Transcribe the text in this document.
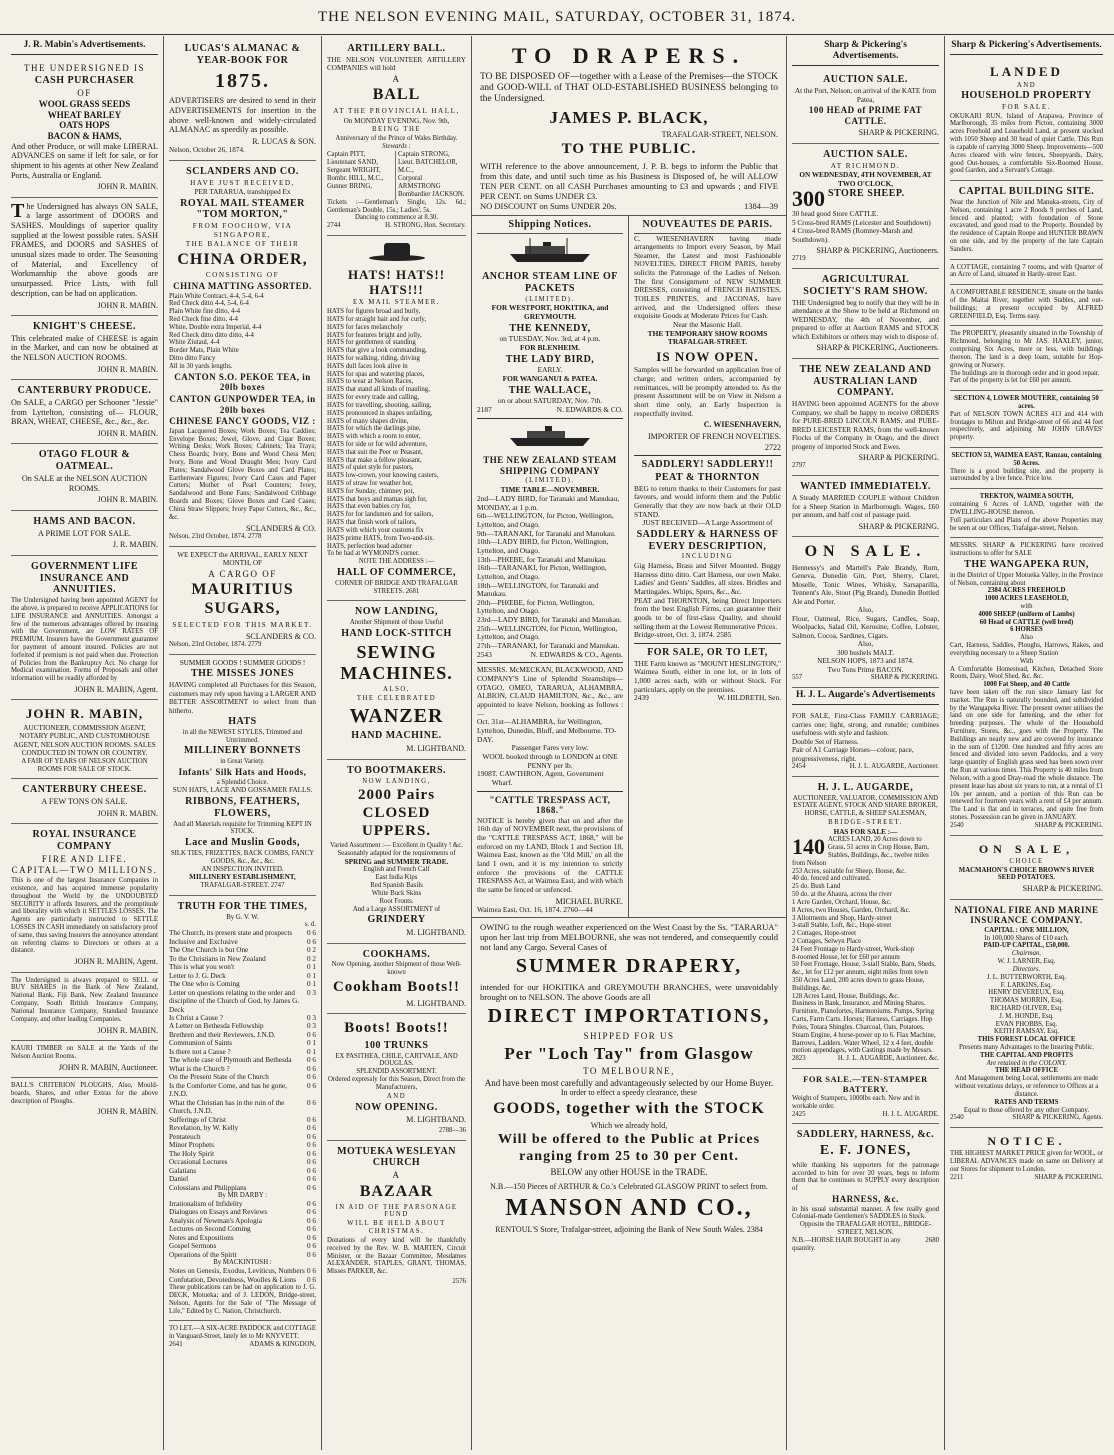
THE NELSON EVENING MAIL, SATURDAY, OCTOBER 31, 1874.
J. R. Mabin's Advertisements.
THE UNDERSIGNED IS
CASH PURCHASER
OF
WOOL GRASS SEEDS
WHEAT BARLEY
OATS HOPS
BACON & HAMS,
And other Produce, or will make LIBERAL ADVANCES on same if left for sale, or for shipment to his agents at other New Zealand Ports, Australia or England.
JOHN R. MABIN.
The Undersigned has always ON SALE, a large assortment of DOORS and SASHES. Mouldings of superior quality supplied at the lowest possible rates. SASH FRAMES, and DOORS and SASHES of unusual sizes made to order. The Seasoning of Material, and Excellency of Workmanship the above goods are unsurpassed. Price Lists, with full description, can be had on application.
JOHN R. MABIN.
KNIGHT'S CHEESE.
This celebrated make of CHEESE is again in the Market, and can now be obtained at the NELSON AUCTION ROOMS.
JOHN R. MABIN.
CANTERBURY PRODUCE.
On SALE, a CARGO per Schooner "Jessie" from Lyttelton, consisting of— FLOUR, BRAN, WHEAT, CHEESE, &c., &c., &c.
JOHN R. MABIN.
OTAGO FLOUR & OATMEAL.
On SALE at the NELSON AUCTION ROOMS.
JOHN R. MABIN.
HAMS AND BACON.
A PRIME LOT FOR SALE.
J. R. MABIN.
GOVERNMENT LIFE INSURANCE AND ANNUITIES.
The Undersigned having been appointed AGENT for the above, is prepared to receive APPLICATIONS for LIFE INSURANCE and ANNUITIES. Amongst a few of the numerous advantages offered by insuring with the Government, are LOW RATES OF PREMIUM. Insurers have the Government guarantee for payment of amount insured. Policies are not forfeited if premium is not paid when due. Protection of Policies from the Bankruptcy Act. No charge for Medical examination. Forms of Proposals and other information will be readily afforded by
JOHN R. MABIN, Agent.
JOHN R. MABIN,
AUCTIONEER, COMMISSION AGENT, NOTARY PUBLIC, AND CUSTOMHOUSE AGENT, NELSON AUCTION ROOMS. SALES CONDUCTED IN TOWN OR COUNTRY.
A FAIR OF YEARS OF NELSON AUCTION ROOMS FOR SALE OF STOCK.
CANTERBURY CHEESE.
A FEW TONS ON SALE.
JOHN R. MABIN.
ROYAL INSURANCE COMPANY
FIRE AND LIFE.
CAPITAL—TWO MILLIONS.
This is one of the largest Insurance Companies in existence, and has acquired immense popularity throughout the World by the UNDOUBTED SECURITY it affords Insurers, and the promptitude and liberality with which it SETTLES LOSSES. The Agents are particularly instructed to SETTLE LOSSES IN CASH immediately on satisfactory proof of same, thus saving Insurers the annoyance attendant on referring claims to Directors or others at a distance.
JOHN R. MABIN, Agent.
The Undersigned is always prepared to SELL or BUY SHARES in the Bank of New Zealand, National Bank, Fiji Bank, New Zealand Insurance Company, South British Insurance Company, National Insurance Company, Standard Insurance Company, and other leading Companies.
JOHN R. MABIN.
KAURI TIMBER on SALE at the Yards of the Nelson Auction Rooms.
JOHN R. MABIN, Auctioneer.
BALL'S CRITERION PLOUGHS, Also, Mould-boards, Shares, and other Extras for the above description of Ploughs.
JOHN R. MABIN.
LUCAS'S ALMANAC & YEAR-BOOK FOR
1875.
ADVERTISERS are desired to send in their ADVERTISEMENTS for insertion in the above well-known and widely-circulated ALMANAC as speedily as possible.
R. LUCAS & SON.
Nelson, October 26, 1874.
SCLANDERS AND CO.
HAVE JUST RECEIVED,
PER TARARUA, transhipped Ex
ROYAL MAIL STEAMER "TOM MORTON,"
FROM FOOCHOW, VIA SINGAPORE,
THE BALANCE OF THEIR
CHINA ORDER,
CONSISTING OF
CHINA MATTING ASSORTED.
Plain White Contract, 4-4, 5-4, 6-4
Red Check ditto 4-4, 5-4, 6-4
Plain White fine ditto, 4-4
Red Check fine ditto, 4-4
White, Double extra Imperial, 4-4
Red Check ditto ditto ditto, 4-4
White Ziutaul, 4-4
Border Mats, Plain White
Ditto ditto Fancy
All in 30 yards lengths.
CANTON S.O. PEKOE TEA, in 20lb boxes
CANTON GUNPOWDER TEA, in 20lb boxes
CHINESE FANCY GOODS, VIZ :
Japan Lacquered Boxes; Work Boxes; Tea Caddies; Envelope Boxes; Jewel, Glove, and Cigar Boxes; Writing Desks; Work Boxes; Cabinets; Tea Trays; Chess Boards; Ivory, Bone and Wood Chess Men; Ivory, Bone and Wood Draught Men; Ivory Card Plates; Sandalwood Glove Boxes and Card Plates; Earthenware Figures; Ivory Card Cases and Paper Cutters; Mother of Pearl Counters; Ivory, Sandalwood and Bone Fans; Sandalwood Cribbage Boards and Boxes; Glove Boxes and Card Cases; China Straw Slippers; Ivory Paper Cutters, &c., &c., &c.
SCLANDERS & CO.
Nelson, 23rd October, 1874. 2778
WE EXPECT the ARRIVAL, EARLY NEXT MONTH, OF
A CARGO OF
MAURITIUS SUGARS,
SELECTED FOR THIS MARKET.
SCLANDERS & CO.
Nelson, 23rd October, 1874. 2779
SUMMER GOODS ! SUMMER GOODS !
THE MISSES JONES
HAVING completed all Purchases for this Season, customers may rely upon having a LARGER AND BETTER ASSORTMENT to select from than hitherto.
HATS
in all the NEWEST STYLES, Trimmed and Untrimmed.
MILLINERY BONNETS
in Great Variety.
Infants' Silk Hats and Hoods,
a Splendid Choice.
SUN HATS, LACE AND GOSSAMER FALLS.
RIBBONS, FEATHERS, FLOWERS,
And all Materials requisite for Trimming KEPT IN STOCK.
Lace and Muslin Goods,
SILK TIES, FRIZETTES, BACK COMBS, FANCY GOODS, &c., &c., &c.
AN INSPECTION INVITED.
MILLINERY ESTABLISHMENT,
TRAFALGAR-STREET. 2747
TRUTH FOR THE TIMES,
By G. V. W.
s. d.
The Church, its present state and prospects 0 6
Inclusive and Exclusive	0 6
The One Church is but One	0 2
To the Christians in New Zealand	0 2
This is what you won't	0 1
Letter to J. G. Deck	0 1
The One who is Coming	0 1
Letter on questions relating to the order and discipline of the Church of God, by James G. Deck
0 3
Is Christ a Cause ?	0 3
A Letter on Bethesda Fellowship	0 3
Brethren and their Reviewers, J.N.D.	0 6
Communion of Saints	0 1
Is there not a Cause ?	0 1
The whole case of Plymouth and Bethesda 0 6
What is the Church ?	0 6
On the Present State of the Church	0 6
Is the Comforter Come, and has he gone, J.N.D.
0 6
What the Christian has in the ruin of the Church, J.N.D.
0 6
Sufferings of Christ	0 6
Revelation, by W. Kelly	0 6
Pentateuch	0 6
Minor Prophets	0 6
The Holy Spirit	0 6
Occasional Lectures	0 6
Galatians	0 6
Daniel	0 6
Colossians and Philippians	0 6
By MR DARBY :
Irrationalism of Infidelity	0 6
Dialogues on Essays and Reviews	0 6
Analysis of Newman's Apologia	0 6
Lectures on Second Coming	0 6
Notes and Expositions	0 6
Gospel Sermons	0 6
Operations of the Spirit	0 6
By MACKINTOSH :
Notes on Genesis, Exodus, Leviticus, Numbers 0 6
Confutation, Devotedness, Woolles & Lions 0 6
These publications can be had on application to J. G. DECK, Motueka; and of J. LEDON, Bridge-street, Nelson, Agents for the Sale of "The Message of Life," Edited by C. Nation, Christchurch.
TO LET.—A SIX-ACRE PADDOCK and COTTAGE in Vanguard-Street, lately let to Mr KNYVETT.
2641	ADAMS & KINGDON,
ARTILLERY BALL.
THE NELSON VOLUNTEER ARTILLERY COMPANIES will hold
A
BALL
AT THE PROVINCIAL HALL,
On MONDAY EVENING, Nov. 9th,
BEING THE
Anniversary of the Prince of Wales Birthday.
Stewards :
Captain PITT,
Lieutenant SAND,
Sergeant WRIGHT,
Bombr. HILL, M.C.,
Gunner BRING,
Captain STRONG,
Lieut. BATCHELOR, M.C.,
Corporal ARMSTRONG
Bombardier JACKSON.
Tickets :—Gentleman's Single, 12s. 6d.; Gentleman's Double, 15s.; Ladies', 5s.
Dancing to commence at 8.30.
2744	H. STRONG, Hon. Secretary.
HATS! HATS!! HATS!!!
EX MAIL STEAMER.
HATS for figures broad and burly,
HATS for straight hair and for curly,
HATS for faces melancholy
HATS for features bright and jolly,
HATS for gentlemen of standing
HATS that give a look commanding,
HATS for walking, riding, driving
HATS dull faces look alive in
HATS for spas and watering places,
HATS to wear at Nelson Races,
HATS that stand all kinds of mauling,
HATS for every trade and calling,
HATS for travelling, shooting, sailing,
HATS pronounced in shapes unfailing,
HATS of many shapes divine,
HATS for which the darlings pine,
HATS with which a room to enter,
HATS for side or for wild adventure,
HATS that suit the Peer or Peasant,
HATS that make a fellow pleasant,
HATS of quiet style for pastors,
HATS low-crown, your knowing casters,
HATS of straw for weather hot,
HATS for Sunday, chimney pot,
HATS that boys and mamas sigh for,
HATS that even babies cry for,
HATS for for landsmen and for sailors,
HATS that finish work of tailors,
HATS with which your customs fix
HATS prime HATS, from Two-and-six.
HATS, perfection head adorner
To be had at WYMOND'S corner.
NOTE THE ADDRESS :—
HALL OF COMMERCE,
CORNER OF BRIDGE AND TRAFALGAR STREETS. 2681
NOW LANDING,
Another Shipment of those Useful
HAND LOCK-STITCH
SEWING MACHINES.
ALSO,
THE CELEBRATED
WANZER
HAND MACHINE.
M. LIGHTBAND.
TO BOOTMAKERS.
NOW LANDING,
2000 Pairs CLOSED UPPERS.
Varied Assortment :— Excellent in Quality ! &c.
Seasonably adapted for the requirements of
SPRING and SUMMER TRADE.
English and French Calf
East India Kips
Red Spanish Basils
White Buck Skins
Root Fronts.
And a Large ASSORTMENT of
GRINDERY
M. LIGHTBAND.
COOKHAMS.
Now Opening, another Shipment of those Well-known
Cookham Boots!!
M. LIGHTBAND.
Boots! Boots!!
100 TRUNKS
EX PASITHEA, CHILE, CARTVALE, AND DOUGLAS.
SPLENDID ASSORTMENT.
Ordered expressly for this Season, Direct from the Manufacturers,
AND
NOW OPENING.
M. LIGHTBAND.
2788—36
MOTUEKA WESLEYAN CHURCH
A
BAZAAR
IN AID OF THE PARSONAGE FUND
WILL BE HELD ABOUT CHRISTMAS.
Donations of every kind will be thankfully received by the Rev. W. B. MARTEN, Circuit Minister, or the Bazaar Committee, Mesdames ALEXANDER, STAPLES, GRANT, THOMAS, Misses PARKER, &c.
2576
TO DRAPERS.
TO BE DISPOSED OF—together with a Lease of the Premises—the STOCK and GOOD-WILL of THAT OLD-ESTABLISHED BUSINESS belonging to the Undersigned.
JAMES P. BLACK,
TRAFALGAR-STREET, NELSON.
TO THE PUBLIC.
WITH reference to the above announcement, J. P. B. begs to inform the Public that from this date, and until such time as his Business is Disposed of, he will ALLOW TEN PER CENT. on all CASH Purchases amounting to £3 and upwards ; and FIVE PER CENT. on Sums UNDER £3.
NO DISCOUNT on Sums UNDER 20s.	1384—39
Shipping Notices.
ANCHOR STEAM LINE OF PACKETS
(LIMITED).
FOR WESTPORT, HOKITIKA, and GREYMOUTH.
THE KENNEDY,
on TUESDAY, Nov. 3rd, at 4 p.m.
FOR BLENHEIM.
THE LADY BIRD,
EARLY.
FOR WANGANUI & PATEA.
THE WALLACE,
on or about SATURDAY, Nov. 7th.
2187	N. EDWARDS & CO.
THE NEW ZEALAND STEAM SHIPPING COMPANY
(LIMITED).
TIME TABLE—NOVEMBER.
2nd—LADY BIRD, for Taranaki and Manukau, MONDAY, at 1 p.m.
6th—WELLINGTON, for Picton, Wellington, Lyttelton, and Otago.
9th—TARANAKI, for Taranaki and Manukau.
10th—LADY BIRD, for Picton, Wellington, Lyttelton, and Otago.
13th—PHŒBE, for Taranaki and Manukau.
16th—TARANAKI, for Picton, Wellington, Lyttelton, and Otago.
18th—WELLINGTON, for Taranaki and Manukau.
20th—PHŒBE, for Picton, Wellington, Lyttelton, and Otago.
23rd—LADY BIRD, for Taranaki and Manukau.
25th—WELLINGTON, for Picton, Wellington, Lyttelton, and Otago.
27th—TARANAKI, for Taranaki and Manukau.
2543	N. EDWARDS & CO., Agents.
MESSRS. McMECKAN, BLACKWOOD, AND COMPANY'S Line of Splendid Steamships—OTAGO, OMEO, TARARUA, ALHAMBRA, ALBION, CLAUD HAMILTON, &c., &c., are appointed to leave Nelson, booking as follows :—
Oct. 31st—ALHAMBRA, for Wellington, Lyttelton, Dunedin, Bluff, and Melbourne. TO-DAY.
Passenger Fares very low.
WOOL booked through to LONDON at ONE PENNY per lb.
1908 T. CAWTHRON, Agent, Government Wharf.
"CATTLE TRESPASS ACT, 1868."
NOTICE is hereby given that on and after the 16th day of NOVEMBER next, the provisions of the "CATTLE TRESPASS ACT, 1868," will be enforced on my LAND, Block 1 and Section 18, Waimea East, known as the 'Old Mill,' on all the land I own, and it is my intention to strictly enforce the provisions of the CATTLE TRESPASS Act, at Waimea East, and with which the same be fenced or unfenced.
MICHAEL BURKE.
Waimea East, Oct. 16, 1874. 2760—44
NOUVEAUTES DE PARIS.
C. WIESENHAVERN having made arrangements to Import every Season, by Mail Steamer, the Latest and most Fashionable NOVELTIES, DIRECT FROM PARIS, hereby solicits the Patronage of the Ladies of Nelson. The first Consignment of NEW SUMMER DRESSES, consisting of FRENCH BATISTES, TOILES PRINTES, and JACONAS, have arrived, and the Undersigned offers these exquisite Goods at Moderate Prices for Cash.
Near the Masonic Hall.
THE TEMPORARY SHOW ROOMS TRAFALGAR-STREET.
IS NOW OPEN.
Samples will be forwarded on application free of charge; and written orders, accompanied by remittances, will be promptly attended to. As the present Assortment will be on View in Nelson a short time only, an Early Inspection is respectfully invited.
C. WIESENHAVERN,
IMPORTER OF FRENCH NOVELTIES.
2722
SADDLERY! SADDLERY!!
PEAT & THORNTON
BEG to return thanks to their Customers for past favours, and would inform them and the Public Generally that they are now back at their OLD STAND.
JUST RECEIVED—A Large Assortment of
SADDLERY & HARNESS OF EVERY DESCRIPTION,
INCLUDING
Gig Harness, Brass and Silver Mounted. Buggy Harness ditto ditto. Cart Harness, our own Make. Ladies' and Gents' Saddles, all sizes. Bridles and Martingales. Whips, Spurs, &c., &c.
PEAT and THORNTON, being Direct Importers from the best English Firms, can guarantee their goods to be of first-class Quality, and should selling them at the Lowest Remunerative Prices.
Bridge-street, Oct. 3, 1874. 2585
FOR SALE, OR TO LET,
THE Farm known as "MOUNT HESLINGTON," Waimea South, either in one lot, or in lots of 1,000 acres each, with or without Stock. For particulars, apply on the premises.
2439	W. HILDRETH, Sen.
OWING to the rough weather experienced on the West Coast by the Ss. "TARARUA" upon her last trip from MELBOURNE, she was not tendered, and consequently could not land any Cargo. Several Cases of
SUMMER DRAPERY,
intended for our HOKITIKA and GREYMOUTH BRANCHES, were unavoidably brought on to NELSON. The above Goods are all
DIRECT IMPORTATIONS,
SHIPPED FOR US
Per "Loch Tay" from Glasgow
TO MELBOURNE,
And have been most carefully and advantageously selected by our Home Buyer.
In order to effect a speedy clearance, these
GOODS, together with the STOCK
Which we already hold,
Will be offered to the Public at Prices ranging from 25 to 30 per Cent.
BELOW any other HOUSE in the TRADE.
N.B.—150 Pieces of ARTHUR & Co.'s Celebrated GLASGOW PRINT to select from.
MANSON AND CO.,
RENTOUL'S Store, Trafalgar-street, adjoining the Bank of New South Wales. 2384
Sharp & Pickering's Advertisements.
AUCTION SALE.
At the Port, Nelson, on arrival of the KATE from Patea,
100 HEAD of PRIME FAT CATTLE.
SHARP & PICKERING.
AUCTION SALE.
AT RICHMOND.
ON WEDNESDAY, 4TH NOVEMBER, AT TWO O'CLOCK,
300 STORE SHEEP.
30 head good Store CATTLE.
5 Cross-bred RAMS (Leicester and Southdown)
4 Cross-bred RAMS (Romney-Marsh and Southdown).
SHARP & PICKERING, Auctioneers.
2719
AGRICULTURAL SOCIETY'S RAM SHOW.
THE Undersigned beg to notify that they will be in attendance at the Show to be held at Richmond on WEDNESDAY, the 4th of November, and prepared to offer at Auction RAMS and STOCK which Exhibitors or others may wish to dispose of.
SHARP & PICKERING, Auctioneers.
THE NEW ZEALAND AND AUSTRALIAN LAND COMPANY.
HAVING been appointed AGENTS for the above Company, we shall be happy to receive ORDERS for PURE-BRED LINCOLN RAMS, and PURE-BRED LEICESTER RAMS, from the well-known Flocks of the Company in Otago, and the direct progeny of imported Stock and Ewes.
SHARP & PICKERING.
2797
WANTED IMMEDIATELY.
A Steady MARRIED COUPLE without Children for a Sheep Station in Marlborough. Wages, £60 per annum, and half cost of passage paid.
SHARP & PICKERING.
ON SALE.
Hennessy's and Martell's Pale Brandy, Rum, Geneva, Dunedin Gin, Port, Sherry, Claret, Moselle, Tonic Wines, Whisky, Sarsaparilla, Tennent's Ale, Stout (Pig Brand), Dunedin Bottled Ale and Porter.
Also,
Flour, Oatmeal, Rice, Sugars, Candles, Soap, Woolpacks, Salad Oil, Kerosine, Coffee, Lobster, Salmon, Cocoa, Sardines, Cigars.
Also,
300 bushels MALT.
NELSON HOPS, 1873 and 1874.
Two Tons Prime BACON.
557	SHARP & PICKERING.
H. J. L. Augarde's Advertisements
FOR SALE, First-Class FAMILY CARRIAGE; carries one; light, strong, and runable; combines usefulness with style and fashion.
Double Set of Harness.
Pair of A1 Carriage Horses—colour, pace, progressiveness, right.
2454	H. J. L. AUGARDE, Auctioneer.
H. J. L. AUGARDE,
AUCTIONEER, VALUATOR, COMMISSION AND ESTATE AGENT, STOCK AND SHARE BROKER, HORSE, CATTLE, & SHEEP SALESMAN,
BRIDGE-STREET.
HAS FOR SALE :—
140 ACRES LAND, 20 Acres down to Grass, 51 acres in Crop House, Barn, Stables, Buildings, &c., twelve miles from Nelson
253 Acres, suitable for Sheep, House, &c.
40 do. fenced and cultivated.
25 do. Bush Land
50 do. at the Ahaura, across the river
1 Acre Garden, Orchard, House, &c.
8 Acres, two Houses, Garden, Orchard, &c.
3 Allotments and Shop, Hardy-street
3-stall Stable, Loft, &c., Hope-street
2 Cottages, Hope-street
2 Cottages, Selwyn Place
24 Feet Frontage to Hardy-street, Work-shop
8-roomed House, let for £60 per annum
50 Feet Frontage, House, 3-stall Stable, Barn, Sheds, &c., let for £12 per annum, eight miles from town
350 Acres Land, 200 acres down to grass House, Buildings, &c.
128 Acres Land, House, Buildings, &c.
Business in Bank, Insurance, and Mining Shares.
Furniture, Pianofortes, Harmoniums. Pumps, Spring Carts, Farm Carts. Horses; Harness, Carriages. Hop Poles, Totara Shingles. Charcoal, Oats, Potatoes. Steam Engine, 4 horse-power up to 6. Flax Machine, Barrows, Ladders. Water Wheel, 12 x 4 feet, double motion appendages, with Castings made by Messrs.
2823	H. J. L. AUGARDE, Auctioneer, &c.
FOR SALE.—TEN-STAMPER BATTERY.
Weight of Stampers, 1000lbs each. New and in workable order.
2425	H. J. L. AUGARDE.
SADDLERY, HARNESS, &c.
E. F. JONES,
while thanking his supporters for the patronage accorded to him for over 20 years, begs to inform them that he continues to SUPPLY every description of
HARNESS, &c.
in his usual substantial manner. A few really good Colonial-made Gentlemen's SADDLES in Stock.
Opposite the TRAFALGAR HOTEL, BRIDGE-STREET, NELSON.
N.B.—HORSE HAIR BOUGHT in any quantity.
2680
Sharp & Pickering's Advertisements.
LANDED
AND
HOUSEHOLD PROPERTY
FOR SALE.
OKUKARI RUN, Island of Arapawa, Province of Marlborough, 35 miles from Picton, containing 3000 acres Freehold and Leasehold Land, at present stocked with 1050 Sheep and 30 head of quiet Cattle. This Run is capable of carrying 3000 Sheep. Improvements—500 Acres cleared with wire fences, Sheepyards, Dairy, good Out-houses, a comfortable Six-Roomed House, good Garden, and a Servant's Cottage.
CAPITAL BUILDING SITE.
Near the Junction of Nile and Manuka-streets, City of Nelson, containing 1 acre 2 Roods 9 perches of Land, fenced and planted; with foundation of Stone excavated, and good road to the Property. Bounded by the residence of Captain Roope and HUNTER BRAWN on one side, and by the property of the late Captain Sanders.
A COTTAGE, containing 7 rooms, and with Quarter of an Acre of Land, situated in Hardy-street East.
A COMFORTABLE RESIDENCE, situate on the banks of the Maitai River, together with Stables, and out-buildings; at present occupied by ALFRED GREENFIELD, Esq. Terms easy.
The PROPERTY, pleasantly situated in the Township of Richmond, belonging to Mr JAS. HAXLEY, junior, comprising Six Acres, more or less, with buildings thereon. The land is a deep loam, suitable for Hop-growing or Nursery.
The buildings are in thorough order and in good repair.
Part of the property is let for £60 per annum.
SECTION 4, LOWER MOUTERE, containing 50 acres.
Part of NELSON TOWN ACRES 413 and 414 with frontages to Milton and Bridge-street of 66 and 44 feet respectively, and adjoining Mr JOHN GRAVES' property.
SECTION 53, WAIMEA EAST, Ranzau, containing 50 Acres.
There is a good building site, and the property is surrounded by a live fence. Price low.
TREKTON, WAIMEA SOUTH,
containing 6 Acres of LAND, together with the DWELLING-HOUSE thereon.
Full particulars and Plans of the above Properties may be seen at our Offices, Trafalgar-street, Nelson.
MESSRS. SHARP & PICKERING have received instructions to offer for SALE
THE WANGAPEKA RUN,
in the District of Upper Motueka Valley, in the Province of Nelson, containing about
2384 ACRES FREEHOLD
1000 ACRES LEASEHOLD,
with
4000 SHEEP (uniform of Lambs)
60 Head of CATTLE (well bred)
6 HORSES
Also
Cart, Harness, Saddles, Ploughs, Harrows, Rakes, and everything necessary to a Sheep Station
With
A Comfortable Homestead, Kitchen, Detached Store Room, Dairy, Wool Shed, &c. &c.
1000 Fat Sheep, and 40 Cattle
have been taken off the run since January last for market. The Run is naturally bounded, and subdivided by the Wangapeka River. The present owner utilises the land on one side for fattening, and the other for breeding purposes. The whole of the Household Furniture, Stores, &c., goes with the Property. The Buildings are nearly new and are covered by insurance in the sum of £1200. One hundred and fifty acres are fenced and divided into seven Paddocks, and a very large quantity of English grass seed has been sown over the Run at various times. This Property is 40 miles from Nelson, with a good Dray-road the whole distance. The present lease has about six years to run, at a rental of £1 10s per annum, and a portion of this Run can be renewed for fourteen years with a rent of £4 per annum. The Land is flat and in terraces, and quite free from stones. Possession can be given in JANUARY.
2540	SHARP & PICKERING.
ON SALE,
CHOICE
MACMAHON'S CHOICE BROWN'S RIVER SEED POTATOES.
SHARP & PICKERING.
NATIONAL FIRE AND MARINE INSURANCE COMPANY.
CAPITAL : ONE MILLION,
In 100,000 Shares of £10 each.
PAID-UP CAPITAL, £50,000.
Chairman.
W. J. LARNER, Esq.
Directors.
J. L. BUTTERWORTH, Esq.
F. LARKINS, Esq.
HENRY DEVEREUX, Esq.
THOMAS MORRIN, Esq.
RICHARD OLIVER, Esq.
J. M. HONDE, Esq.
EVAN PHOBBS, Esq.
KEITH RAMSAY, Esq.
THIS FOREST LOCAL OFFICE
Presents many Advantages to the Insuring Public.
THE CAPITAL AND PROFITS
Are retained in the COLONY.
THE HEAD OFFICE
And Management being Local, settlements are made without vexatious delays, or reference to Offices at a distance.
RATES AND TERMS
Equal to those offered by any other Company.
2540	SHARP & PICKERING, Agents.
NOTICE.
THE HIGHEST MARKET PRICE given for WOOL, or LIBERAL ADVANCES made on same on Delivery at our Stores for shipment to London.
2211	SHARP & PICKERING.
